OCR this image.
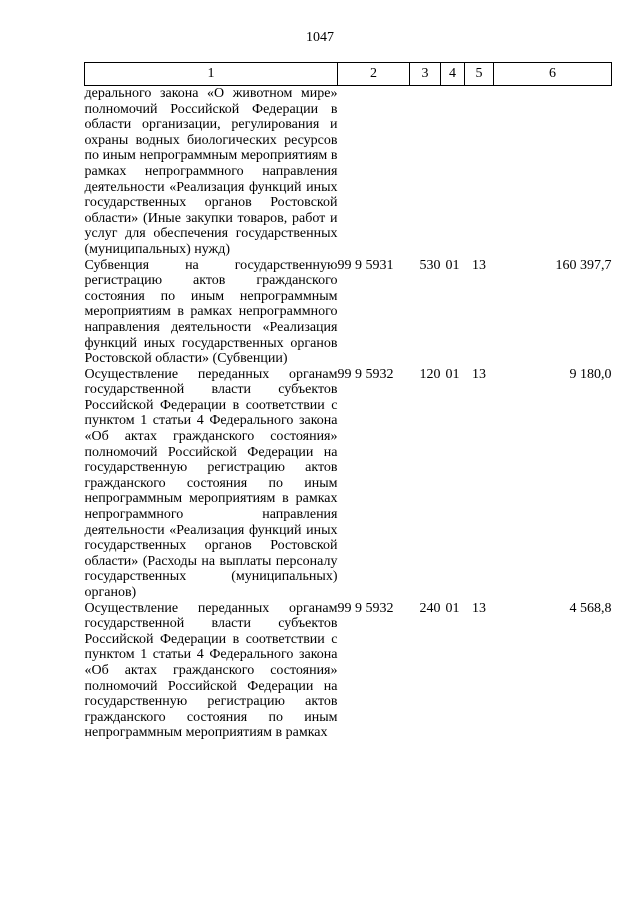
1047
1	2	3	4	5	6
дерального закона «О животном мире» полномочий Российской Федерации в области организации, регулирования и охраны водных биологических ресурсов по иным непрограммным мероприятиям в рамках непрограммного направления деятельности «Реализация функций иных государственных органов Ростовской области» (Иные закупки товаров, работ и услуг для обеспечения государственных (муниципальных) нужд)					
Субвенция на государственную регистрацию актов гражданского состояния по иным непрограммным мероприятиям в рамках непрограммного направления деятельности «Реализация функций иных государственных органов Ростовской области» (Субвенции)	99 9 5931	530	01	13	160 397,7
Осуществление переданных органам государственной власти субъектов Российской Федерации в соответствии с пунктом 1 статьи 4 Федерального закона «Об актах гражданского состояния» полномочий Российской Федерации на государственную регистрацию актов гражданского состояния по иным непрограммным мероприятиям в рамках непрограммного направления деятельности «Реализация функций иных государственных органов Ростовской области» (Расходы на выплаты персоналу государственных (муниципальных) органов)	99 9 5932	120	01	13	9 180,0
Осуществление переданных органам государственной власти субъектов Российской Федерации в соответствии с пунктом 1 статьи 4 Федерального закона «Об актах гражданского состояния» полномочий Российской Федерации на государственную регистрацию актов гражданского состояния по иным непрограммным мероприятиям в рамках	99 9 5932	240	01	13	4 568,8
